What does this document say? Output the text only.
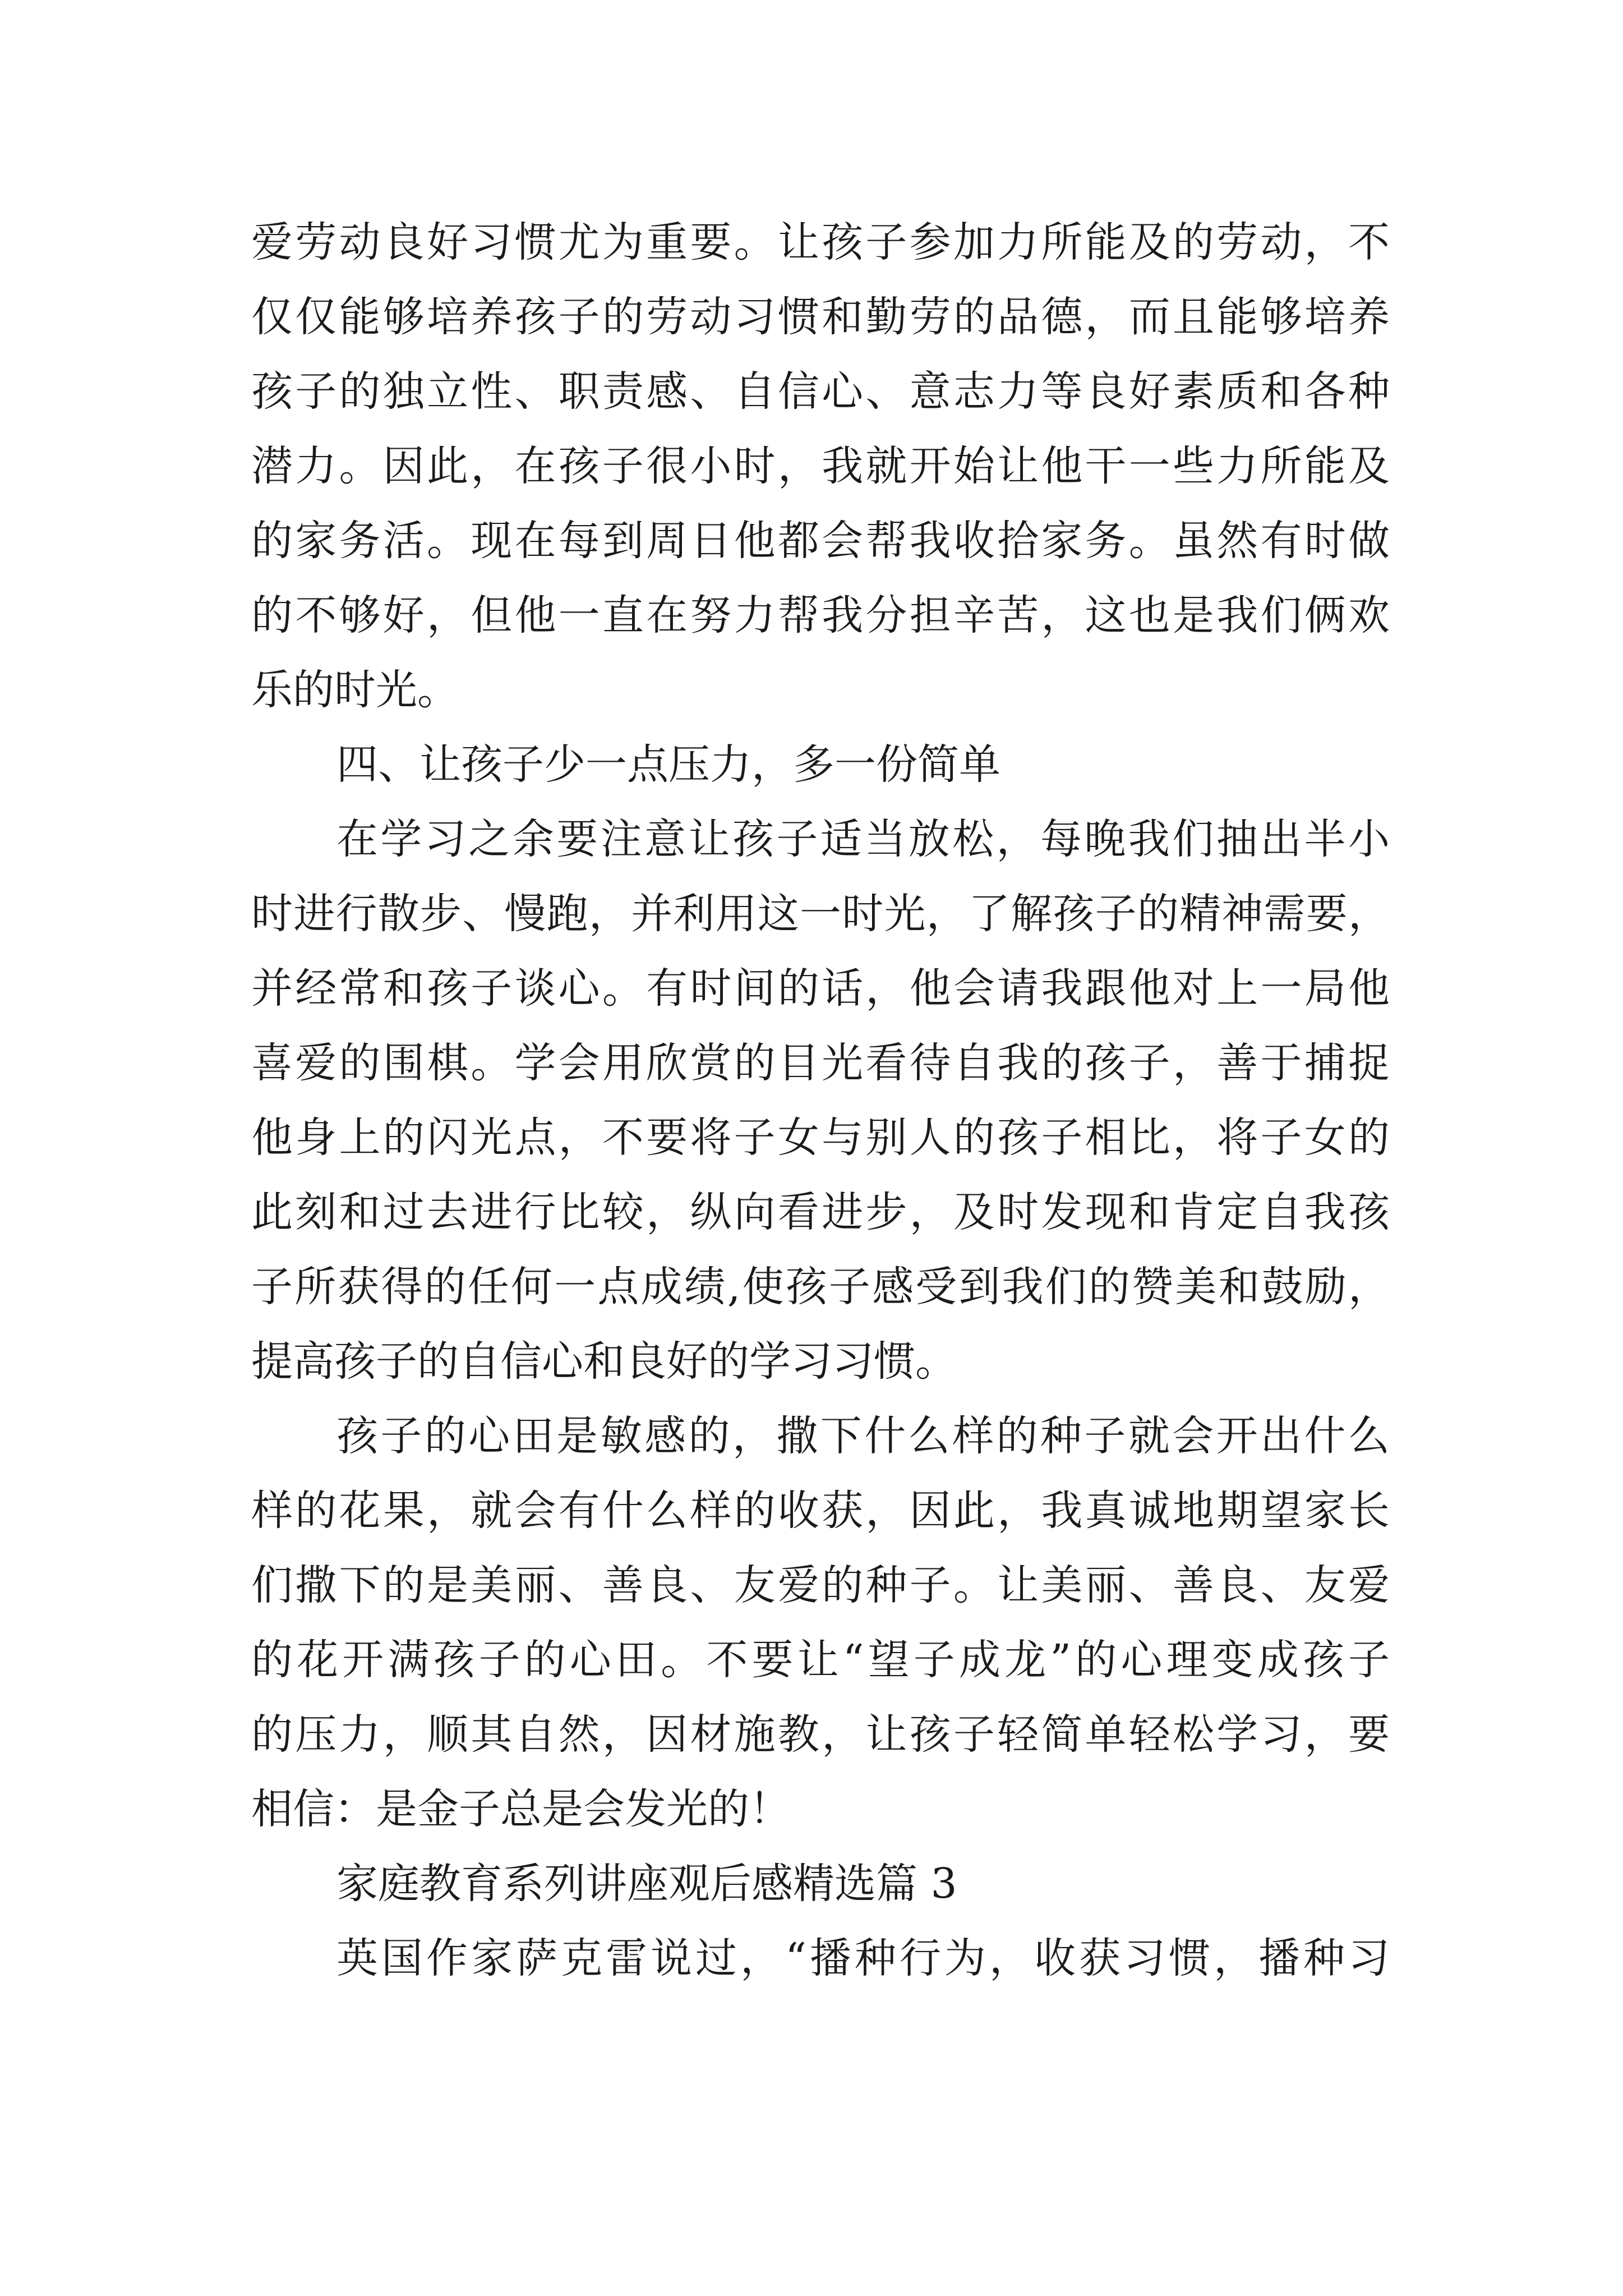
爱劳动良好习惯尤为重要。让孩子参加力所能及的劳动，不
仅仅能够培养孩子的劳动习惯和勤劳的品德，而且能够培养
孩子的独立性、职责感、自信心、意志力等良好素质和各种
潜力。因此，在孩子很小时，我就开始让他干一些力所能及
的家务活。现在每到周日他都会帮我收拾家务。虽然有时做
的不够好，但他一直在努力帮我分担辛苦，这也是我们俩欢
乐的时光。
四、让孩子少一点压力，多一份简单
在学习之余要注意让孩子适当放松，每晚我们抽出半小
时进行散步、慢跑，并利用这一时光，了解孩子的精神需要，
并经常和孩子谈心。有时间的话，他会请我跟他对上一局他
喜爱的围棋。学会用欣赏的目光看待自我的孩子，善于捕捉
他身上的闪光点，不要将子女与别人的孩子相比，将子女的
此刻和过去进行比较，纵向看进步，及时发现和肯定自我孩
子所获得的任何一点成绩,使孩子感受到我们的赞美和鼓励，
提高孩子的自信心和良好的学习习惯。
孩子的心田是敏感的，撒下什么样的种子就会开出什么
样的花果，就会有什么样的收获，因此，我真诚地期望家长
们撒下的是美丽、善良、友爱的种子。让美丽、善良、友爱
的花开满孩子的心田。不要让“望子成龙”的心理变成孩子
的压力，顺其自然，因材施教，让孩子轻简单轻松学习，要
相信：是金子总是会发光的！
家庭教育系列讲座观后感精选篇 3
英国作家萨克雷说过，“播种行为，收获习惯，播种习
